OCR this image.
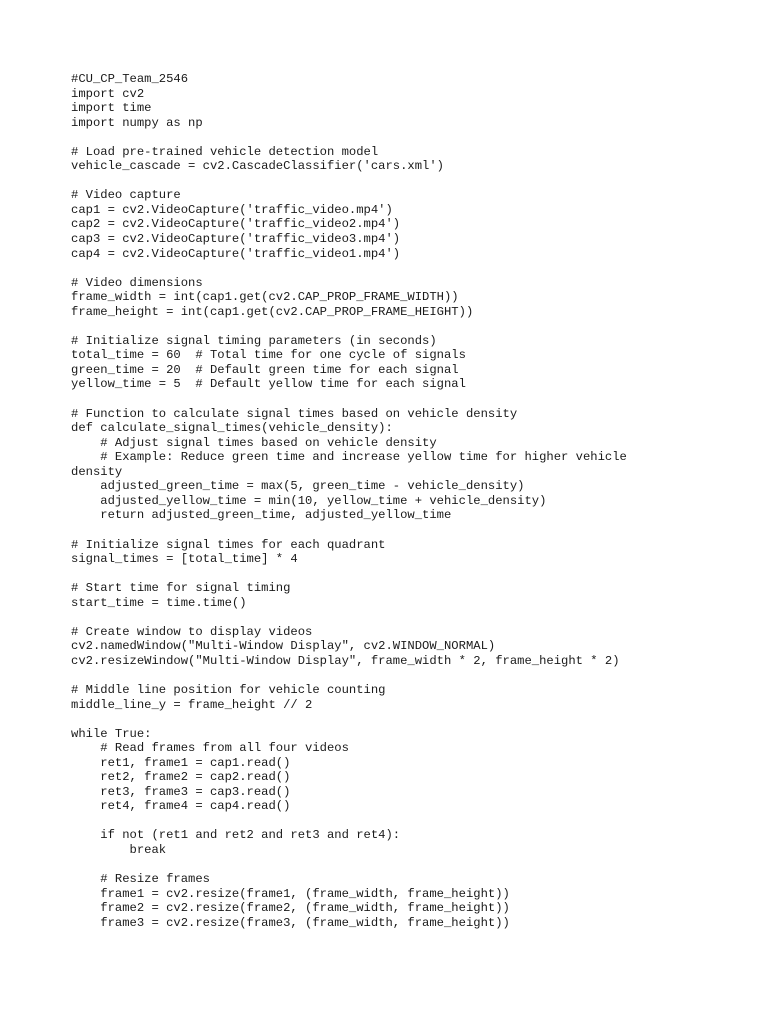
#CU_CP_Team_2546
import cv2
import time
import numpy as np
# Load pre-trained vehicle detection model
vehicle_cascade = cv2.CascadeClassifier('cars.xml')
# Video capture
cap1 = cv2.VideoCapture('traffic_video.mp4')
cap2 = cv2.VideoCapture('traffic_video2.mp4')
cap3 = cv2.VideoCapture('traffic_video3.mp4')
cap4 = cv2.VideoCapture('traffic_video1.mp4')
# Video dimensions
frame_width = int(cap1.get(cv2.CAP_PROP_FRAME_WIDTH))
frame_height = int(cap1.get(cv2.CAP_PROP_FRAME_HEIGHT))
# Initialize signal timing parameters (in seconds)
total_time = 60  # Total time for one cycle of signals
green_time = 20  # Default green time for each signal
yellow_time = 5  # Default yellow time for each signal
# Function to calculate signal times based on vehicle density
def calculate_signal_times(vehicle_density):
# Adjust signal times based on vehicle density
# Example: Reduce green time and increase yellow time for higher vehicle
density
adjusted_green_time = max(5, green_time - vehicle_density)
adjusted_yellow_time = min(10, yellow_time + vehicle_density)
return adjusted_green_time, adjusted_yellow_time
# Initialize signal times for each quadrant
signal_times = [total_time] * 4
# Start time for signal timing
start_time = time.time()
# Create window to display videos
cv2.namedWindow("Multi-Window Display", cv2.WINDOW_NORMAL)
cv2.resizeWindow("Multi-Window Display", frame_width * 2, frame_height * 2)
# Middle line position for vehicle counting
middle_line_y = frame_height // 2
while True:
# Read frames from all four videos
ret1, frame1 = cap1.read()
ret2, frame2 = cap2.read()
ret3, frame3 = cap3.read()
ret4, frame4 = cap4.read()
if not (ret1 and ret2 and ret3 and ret4):
break
# Resize frames
frame1 = cv2.resize(frame1, (frame_width, frame_height))
frame2 = cv2.resize(frame2, (frame_width, frame_height))
frame3 = cv2.resize(frame3, (frame_width, frame_height))
